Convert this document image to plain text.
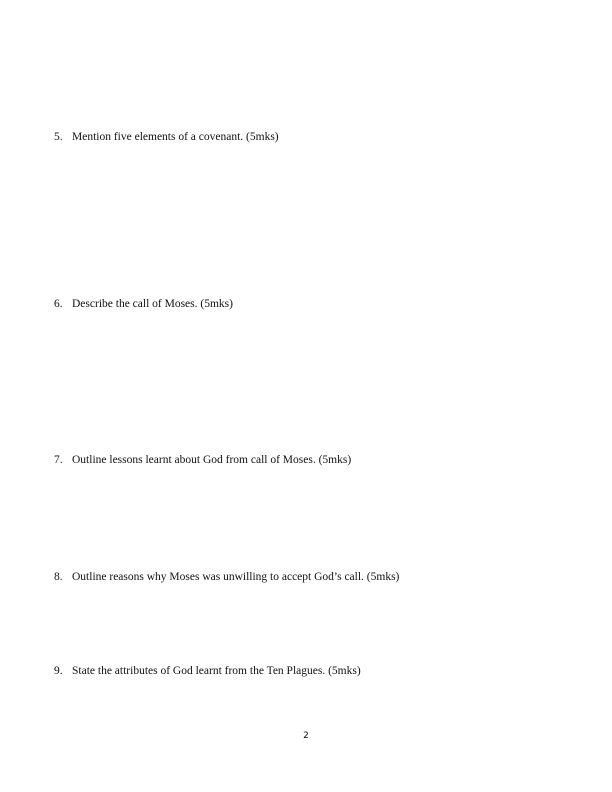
5. Mention five elements of a covenant. (5mks)
6. Describe the call of Moses. (5mks)
7. Outline lessons learnt about God from call of Moses. (5mks)
8. Outline reasons why Moses was unwilling to accept God’s call. (5mks)
9. State the attributes of God learnt from the Ten Plagues. (5mks)
2
